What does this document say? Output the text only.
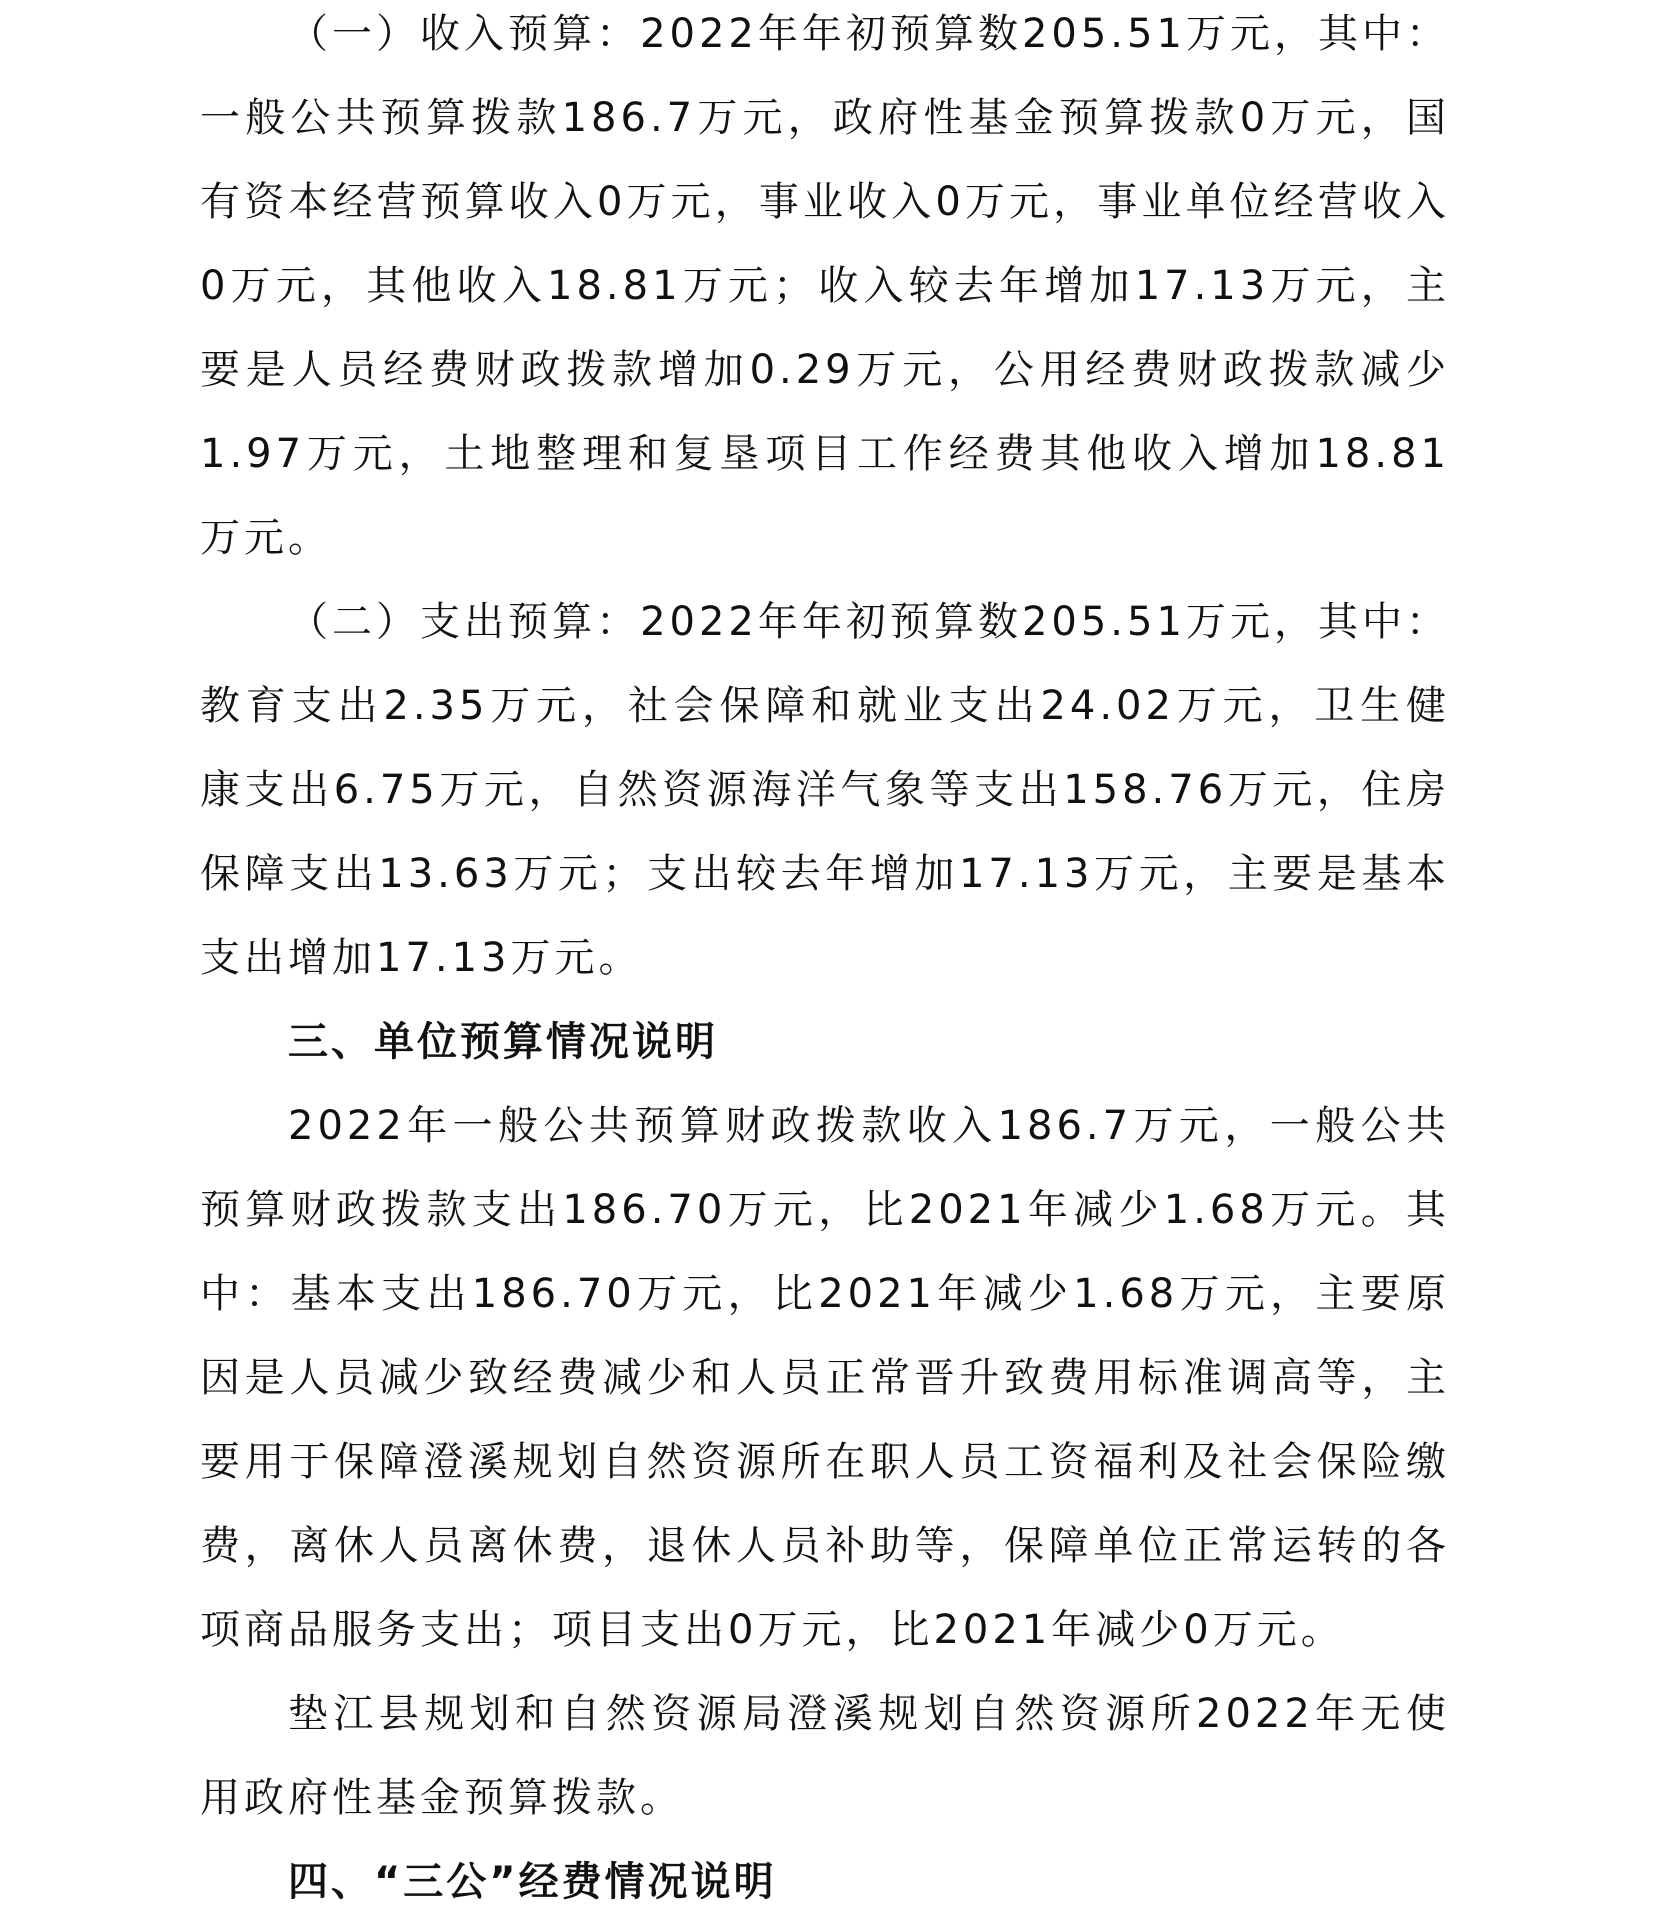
（一）收入预算：2022年年初预算数205.51万元，其中：一般公共预算拨款186.7万元，政府性基金预算拨款0万元，国有资本经营预算收入0万元，事业收入0万元，事业单位经营收入0万元，其他收入18.81万元；收入较去年增加17.13万元，主要是人员经费财政拨款增加0.29万元，公用经费财政拨款减少1.97万元，土地整理和复垦项目工作经费其他收入增加18.81万元。

（二）支出预算：2022年年初预算数205.51万元，其中：教育支出2.35万元，社会保障和就业支出24.02万元，卫生健康支出6.75万元，自然资源海洋气象等支出158.76万元，住房保障支出13.63万元；支出较去年增加17.13万元，主要是基本支出增加17.13万元。

三、单位预算情况说明

2022年一般公共预算财政拨款收入186.7万元，一般公共预算财政拨款支出186.70万元，比2021年减少1.68万元。其中：基本支出186.70万元，比2021年减少1.68万元，主要原因是人员减少致经费减少和人员正常晋升致费用标准调高等，主要用于保障澄溪规划自然资源所在职人员工资福利及社会保险缴费，离休人员离休费，退休人员补助等，保障单位正常运转的各项商品服务支出；项目支出0万元，比2021年减少0万元。

垫江县规划和自然资源局澄溪规划自然资源所2022年无使用政府性基金预算拨款。

四、“三公”经费情况说明
